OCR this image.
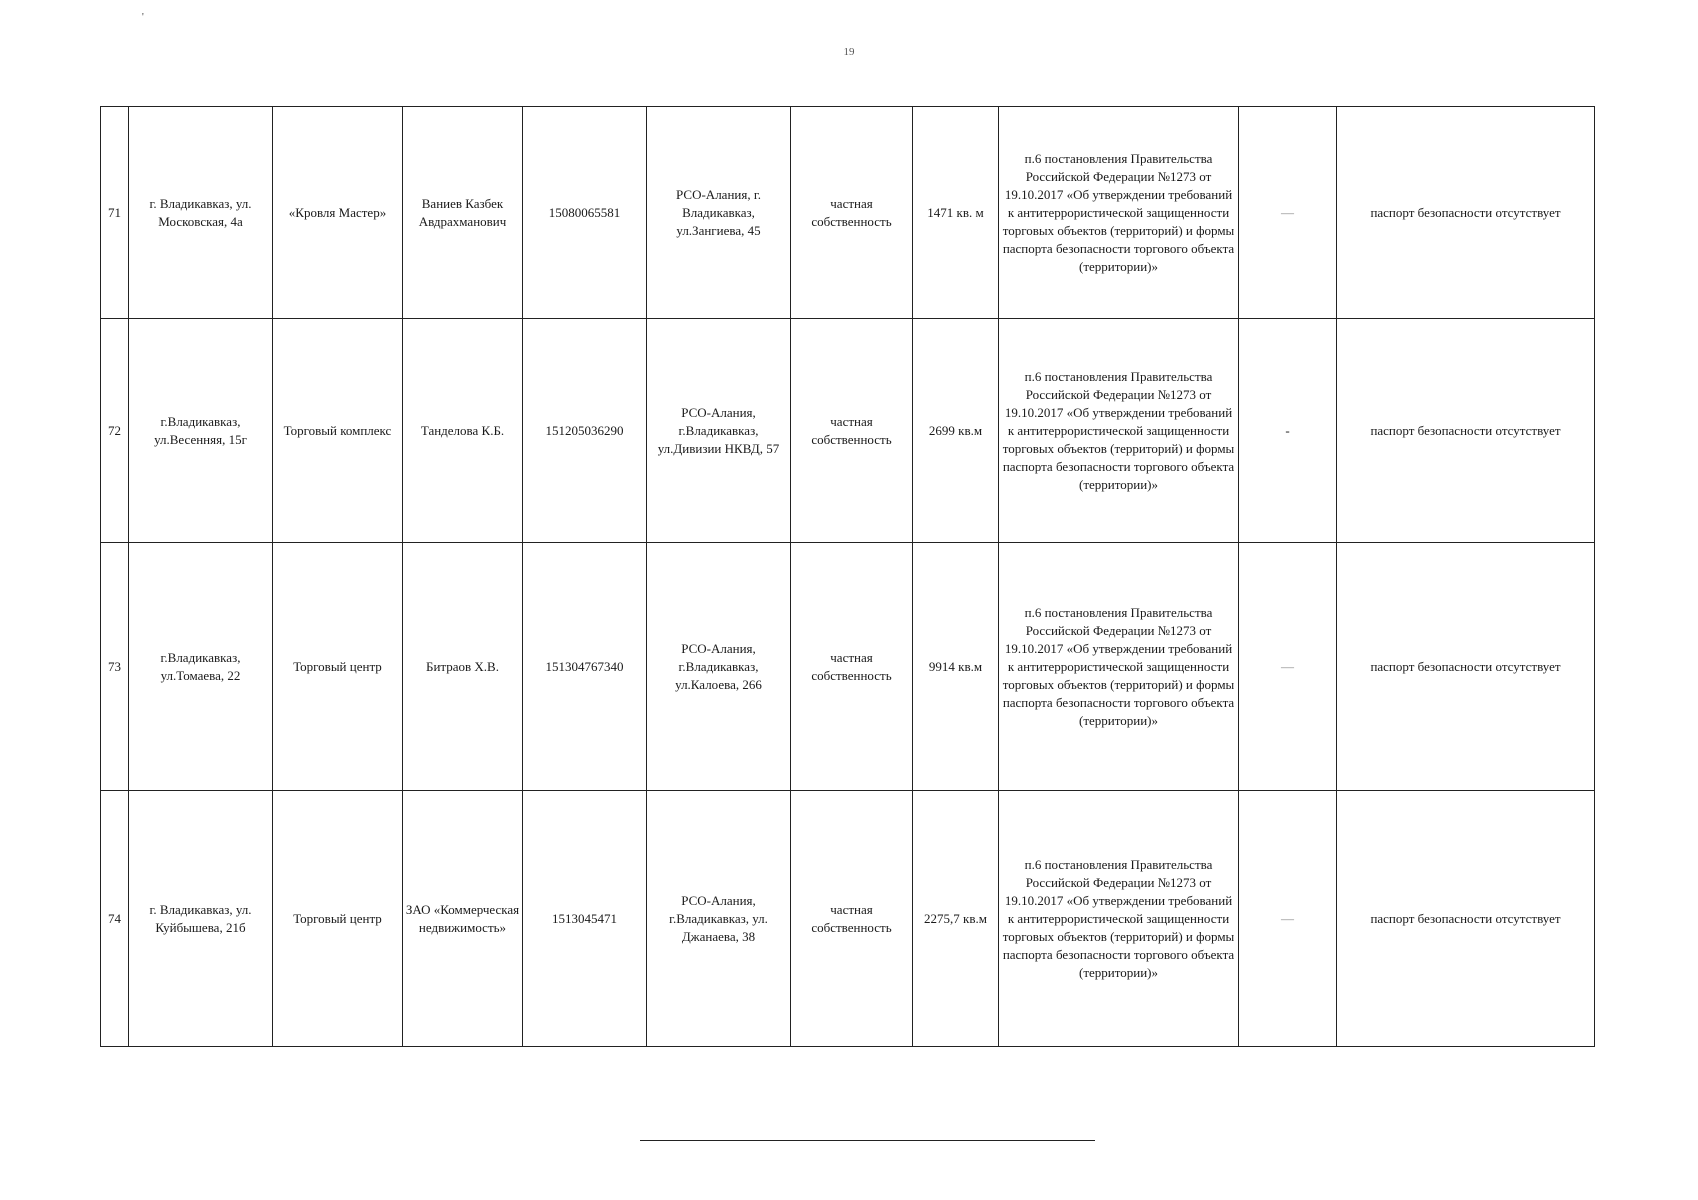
'
19
71	г. Владикавказ, ул. Московская, 4а	«Кровля Мастер»	Ваниев Казбек Авдрахманович	15080065581	РСО-Алания, г. Владикавказ, ул.Зангиева, 45	частная собственность	1471 кв. м	п.6 постановления Правительства Российской Федерации №1273 от 19.10.2017 «Об утверждении требований к антитеррористической защищенности торговых объектов (территорий) и формы паспорта безопасности торгового объекта (территории)»	—	паспорт безопасности отсутствует
72	г.Владикавказ, ул.Весенняя, 15г	Торговый комплекс	Танделова К.Б.	151205036290	РСО-Алания, г.Владикавказ, ул.Дивизии НКВД, 57	частная собственность	2699 кв.м	п.6 постановления Правительства Российской Федерации №1273 от 19.10.2017 «Об утверждении требований к антитеррористической защищенности торговых объектов (территорий) и формы паспорта безопасности торгового объекта (территории)»	-	паспорт безопасности отсутствует
73	г.Владикавказ, ул.Томаева, 22	Торговый центр	Битраов Х.В.	151304767340	РСО-Алания, г.Владикавказ, ул.Калоева, 266	частная собственность	9914 кв.м	п.6 постановления Правительства Российской Федерации №1273 от 19.10.2017 «Об утверждении требований к антитеррористической защищенности торговых объектов (территорий) и формы паспорта безопасности торгового объекта (территории)»	—	паспорт безопасности отсутствует
74	г. Владикавказ, ул. Куйбышева, 21б	Торговый центр	ЗАО «Коммерческая недвижимость»	1513045471	РСО-Алания, г.Владикавказ, ул. Джанаева, 38	частная собственность	2275,7 кв.м	п.6 постановления Правительства Российской Федерации №1273 от 19.10.2017 «Об утверждении требований к антитеррористической защищенности торговых объектов (территорий) и формы паспорта безопасности торгового объекта (территории)»	—	паспорт безопасности отсутствует
